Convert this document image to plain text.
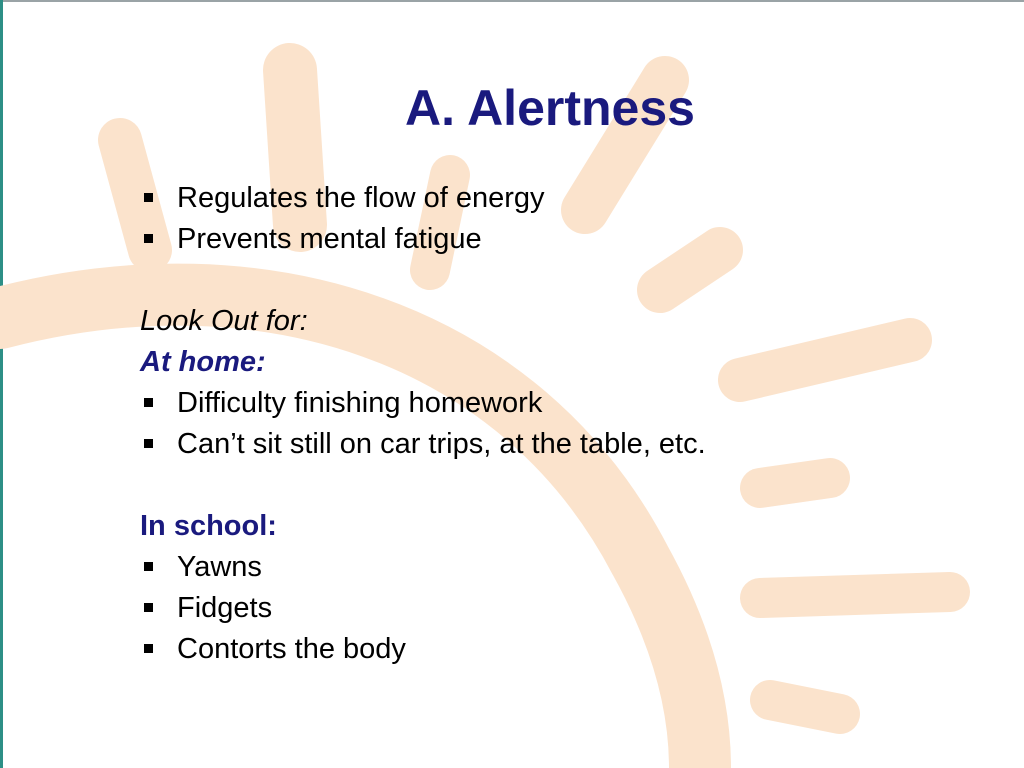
A. Alertness
Regulates the flow of energy
Prevents mental fatigue
Look Out for:
At home:
Difficulty finishing homework
Can’t sit still on car trips, at the table, etc.
In school:
Yawns
Fidgets
Contorts the body
